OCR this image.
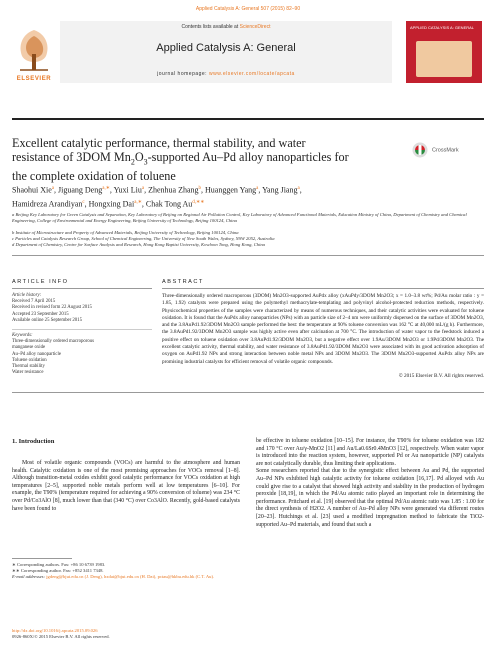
Applied Catalysis A: General 507 (2015) 82–90
Contents lists available at ScienceDirect
Applied Catalysis A: General
journal homepage: www.elsevier.com/locate/apcata
ELSEVIER
APPLIED CATALYSIS A: GENERAL
Excellent catalytic performance, thermal stability, and water
resistance of 3DOM $Mn_2O_3$-supported Au–Pd alloy nanoparticles for
the complete oxidation of toluene
CrossMark
Shaohui Xie$^a$, Jiguang Deng$^{a,∗}$, Yuxi Liu$^a$, Zhenhua Zhang$^b$, Huanggen Yang$^a$, Yang Jiang$^a$,
Hamidreza Arandiyan$^c$, Hongxing Dai$^{a,∗}$, Chak Tong $Au^{d,∗∗}$
a Beijing Key Laboratory for Green Catalysis and Separation, Key Laboratory of Beijing on Regional Air Pollution Control, Key Laboratory of Advanced Functional Materials, Education Ministry of China, Department of Chemistry and Chemical Engineering, College of Environmental and Energy Engineering, Beijing University of Technology, Beijing 100124, China
b Institute of Microstructure and Property of Advanced Materials, Beijing University of Technology, Beijing 100124, China
c Particles and Catalysis Research Group, School of Chemical Engineering, The University of New South Wales, Sydney, NSW 2052, Australia
d Department of Chemistry, Centre for Surface Analysis and Research, Hong Kong Baptist University, Kowloon Tong, Hong Kong, China
ARTICLE INFO
Article history:
Received 7 April 2015
Received in revised form 22 August 2015
Accepted 23 September 2015
Available online 25 September 2015
Keywords:
Three-dimensionally ordered macroporous
manganese oxide
Au–Pd alloy nanoparticle
Toluene oxidation
Thermal stability
Water resistance
ABSTRACT
Three-dimensionally ordered macroporous (3DOM) Mn2O3-supported AuPdx alloy (xAuPdy/3DOM Mn2O3; x = 1.0–3.8 wt%; Pd/Au molar ratio : y = 1.85, 1.92) catalysts were prepared using the polymethyl methacrylate-templating and polyvinyl alcohol-protected reduction methods, respectively. Physicochemical properties of the samples were characterized by means of numerous techniques, and their catalytic activities were evaluated for toluene oxidation. It is found that the AuPdx alloy nanoparticles (NPs) with an particle size of 2–4 nm were uniformly dispersed on the surface of 3DOM Mn2O3, and the 3.8AuPd1.92/3DOM Mn2O3 sample performed the best: the temperature at 90% toluene conversion was 162 °C at 40,000 mL/(g h). Furthermore, the 3.8AuPd1.92/3DOM Mn2O3 sample was highly active even after calcination at 700 °C. The introduction of water vapor to the feedstock induced a positive effect on toluene oxidation over 3.8AuPd1.92/3DOM Mn2O3, but a negative effect over 1.9Au/3DOM Mn2O3 or 1.9Pd/3DOM Mn2O3. The excellent catalytic activity, thermal stability, and water resistance of 3.8AuPd1.92/3DOM Mn2O3 were associated with its good activation adsorption of oxygen on AuPd1.92 NPs and strong interaction between noble metal NPs and 3DOM Mn2O3. The 3DOM Mn2O3-supported AuPdx alloy NPs are promising industrial catalysts for efficient removal of volatile organic compounds.
© 2015 Elsevier B.V. All rights reserved.
1. Introduction
Most of volatile organic compounds (VOCs) are harmful to the atmosphere and human health. Catalytic oxidation is one of the most promising approaches for VOCs removal [1–8]. Although transition-metal oxides exhibit good catalytic performance for VOCs oxidation at high temperatures [2–5], supported noble metals perform well at low temperatures [6–10]. For example, the T90% (temperature required for achieving a 90% conversion of toluene) was 234 °C over Pd/Co3AlO [8], much lower than that (340 °C) over Co3AlO. Recently, gold-based catalysts have been found to
be effective in toluene oxidation [10–15]. For instance, the T90% for toluene oxidation was 182 and 170 °C over Au/γ-MnO2 [11] and Au/La0.6Sr0.4MnO3 [12], respectively. When water vapor is introduced into the reaction system, however, supported Pd or Au nanoparticle (NP) catalysts are not catalytically durable, thus limiting their applications.
Some researchers reported that due to the synergistic effect between Au and Pd, the supported Au–Pd NPs exhibited high catalytic activity for toluene oxidation [16,17]. Pd alloyed with Au could give rise to a catalyst that showed high activity and stability in the production of hydrogen peroxide [18,19], in which the Pd/Au atomic ratio played an important role in determining the performance. Pritchard et al. [19] observed that the optimal Pd/Au atomic ratio was 1.85 : 1.00 for the direct synthesis of H2O2. A number of Au–Pd alloy NPs were generated via different routes [20–23]. Hutchings et al. [23] used a modified impregnation method to fabricate the TiO2-supported Au–Pd materials, and found that such a
∗ Corresponding authors. Fax: +86 10 6739 1983.
∗∗ Corresponding author. Fax: +852 3411 7348.
E-mail addresses: jgdeng@bjut.edu.cn (J. Deng), hxdai@bjut.edu.cn (H. Dai), pctau@hkbu.edu.hk (C.T. Au).
http://dx.doi.org/10.1016/j.apcata.2015.09.026
0926-860X/© 2015 Elsevier B.V. All rights reserved.
